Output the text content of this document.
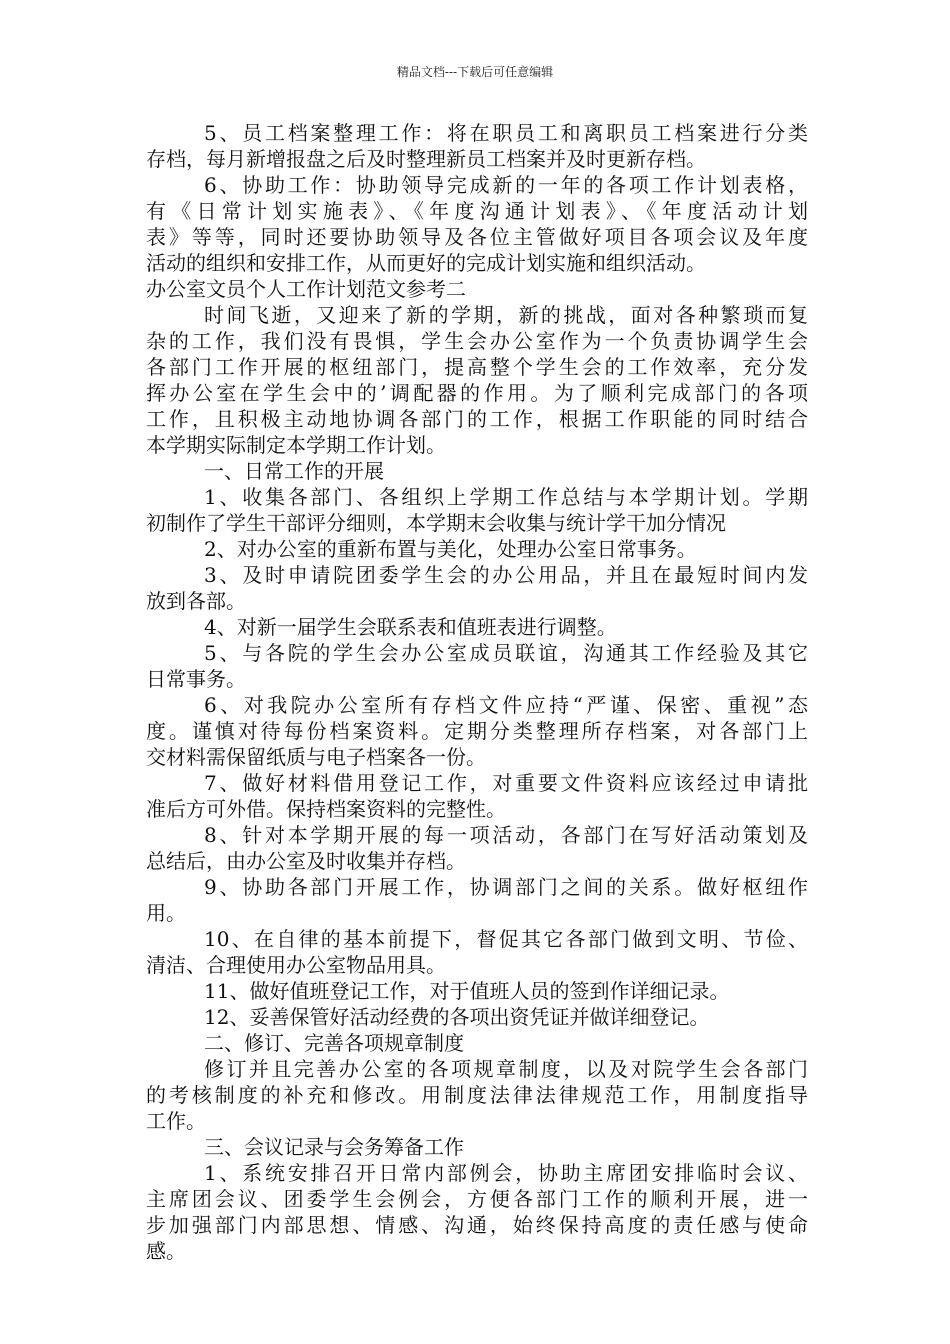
精品文档---下载后可任意编辑
5、员工档案整理工作：将在职员工和离职员工档案进行分类
存档，每月新增报盘之后及时整理新员工档案并及时更新存档。
6、协助工作：协助领导完成新的一年的各项工作计划表格，
有《日常计划实施表》、《年度沟通计划表》、《年度活动计划
表》等等，同时还要协助领导及各位主管做好项目各项会议及年度
活动的组织和安排工作，从而更好的完成计划实施和组织活动。
办公室文员个人工作计划范文参考二
时间飞逝，又迎来了新的学期，新的挑战，面对各种繁琐而复
杂的工作，我们没有畏惧，学生会办公室作为一个负责协调学生会
各部门工作开展的枢纽部门，提高整个学生会的工作效率，充分发
挥办公室在学生会中的’调配器的作用。为了顺利完成部门的各项
工作，且积极主动地协调各部门的工作，根据工作职能的同时结合
本学期实际制定本学期工作计划。
一、日常工作的开展
1、收集各部门、各组织上学期工作总结与本学期计划。学期
初制作了学生干部评分细则，本学期末会收集与统计学干加分情况
2、对办公室的重新布置与美化，处理办公室日常事务。
3、及时申请院团委学生会的办公用品，并且在最短时间内发
放到各部。
4、对新一届学生会联系表和值班表进行调整。
5、与各院的学生会办公室成员联谊，沟通其工作经验及其它
日常事务。
6、对我院办公室所有存档文件应持“严谨、保密、重视”态
度。谨慎对待每份档案资料。定期分类整理所存档案，对各部门上
交材料需保留纸质与电子档案各一份。
7、做好材料借用登记工作，对重要文件资料应该经过申请批
准后方可外借。保持档案资料的完整性。
8、针对本学期开展的每一项活动，各部门在写好活动策划及
总结后，由办公室及时收集并存档。
9、协助各部门开展工作，协调部门之间的关系。做好枢纽作
用。
10、在自律的基本前提下，督促其它各部门做到文明、节俭、
清洁、合理使用办公室物品用具。
11、做好值班登记工作，对于值班人员的签到作详细记录。
12、妥善保管好活动经费的各项出资凭证并做详细登记。
二、修订、完善各项规章制度
修订并且完善办公室的各项规章制度，以及对院学生会各部门
的考核制度的补充和修改。用制度法律法律规范工作，用制度指导
工作。
三、会议记录与会务筹备工作
1、系统安排召开日常内部例会，协助主席团安排临时会议、
主席团会议、团委学生会例会，方便各部门工作的顺利开展，进一
步加强部门内部思想、情感、沟通，始终保持高度的责任感与使命
感。
